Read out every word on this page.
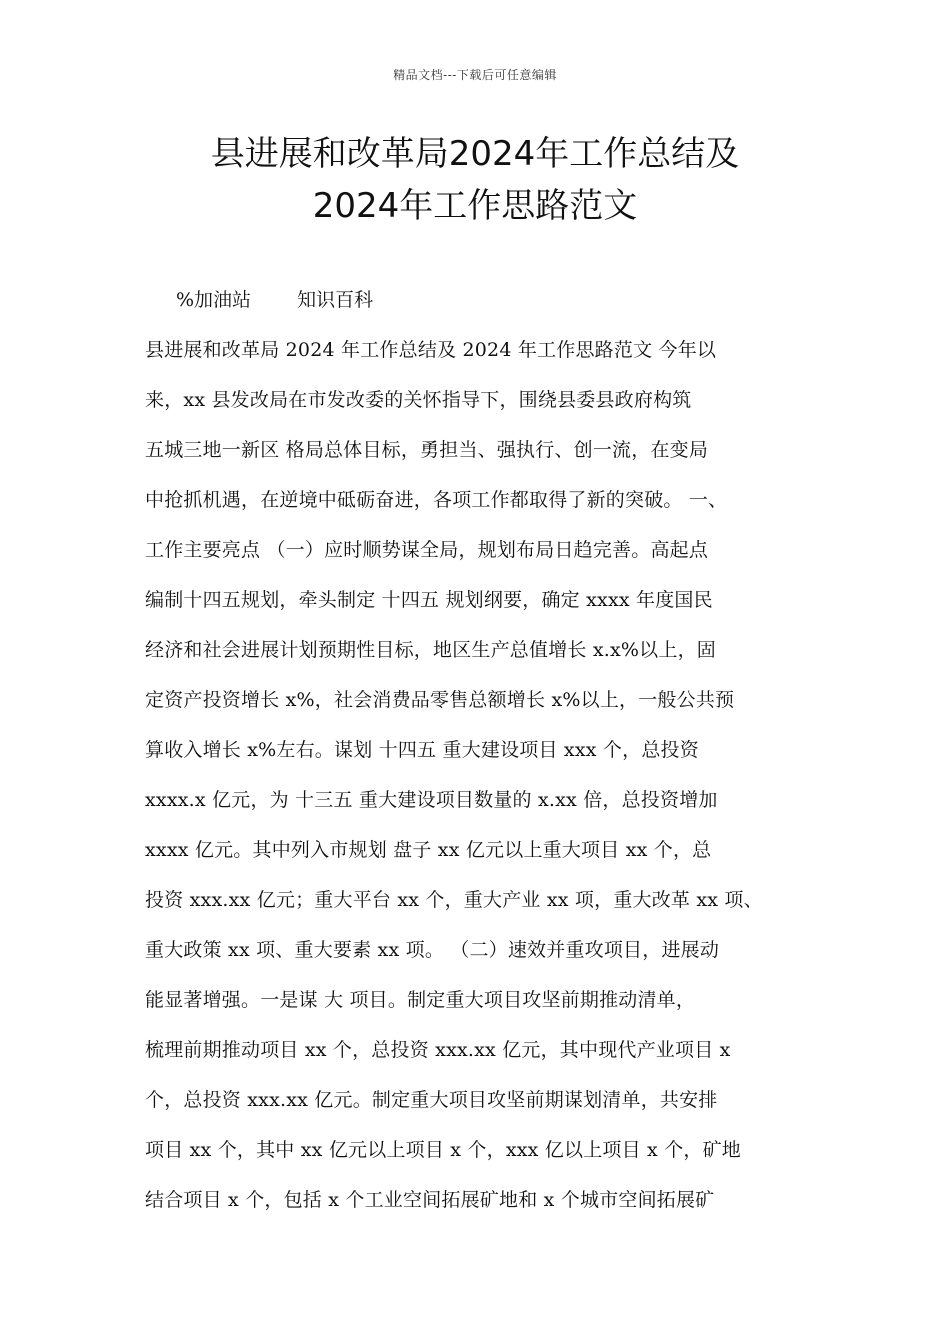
精品文档---下载后可任意编辑
县进展和改革局2024年工作总结及
2024年工作思路范文
%加油站 知识百科
县进展和改革局 2024 年工作总结及 2024 年工作思路范文 今年以
来，xx 县发改局在市发改委的关怀指导下，围绕县委县政府构筑
五城三地一新区 格局总体目标，勇担当、强执行、创一流，在变局
中抢抓机遇，在逆境中砥砺奋进，各项工作都取得了新的突破。 一、
工作主要亮点 （一）应时顺势谋全局，规划布局日趋完善。高起点
编制十四五规划，牵头制定 十四五 规划纲要，确定 xxxx 年度国民
经济和社会进展计划预期性目标，地区生产总值增长 x.x%以上，固
定资产投资增长 x%，社会消费品零售总额增长 x%以上，一般公共预
算收入增长 x%左右。谋划 十四五 重大建设项目 xxx 个，总投资
xxxx.x 亿元，为 十三五 重大建设项目数量的 x.xx 倍，总投资增加
xxxx 亿元。其中列入市规划 盘子 xx 亿元以上重大项目 xx 个，总
投资 xxx.xx 亿元；重大平台 xx 个，重大产业 xx 项，重大改革 xx 项、
重大政策 xx 项、重大要素 xx 项。 （二）速效并重攻项目，进展动
能显著增强。一是谋 大 项目。制定重大项目攻坚前期推动清单，
梳理前期推动项目 xx 个，总投资 xxx.xx 亿元，其中现代产业项目 x
个，总投资 xxx.xx 亿元。制定重大项目攻坚前期谋划清单，共安排
项目 xx 个，其中 xx 亿元以上项目 x 个，xxx 亿以上项目 x 个，矿地
结合项目 x 个，包括 x 个工业空间拓展矿地和 x 个城市空间拓展矿
